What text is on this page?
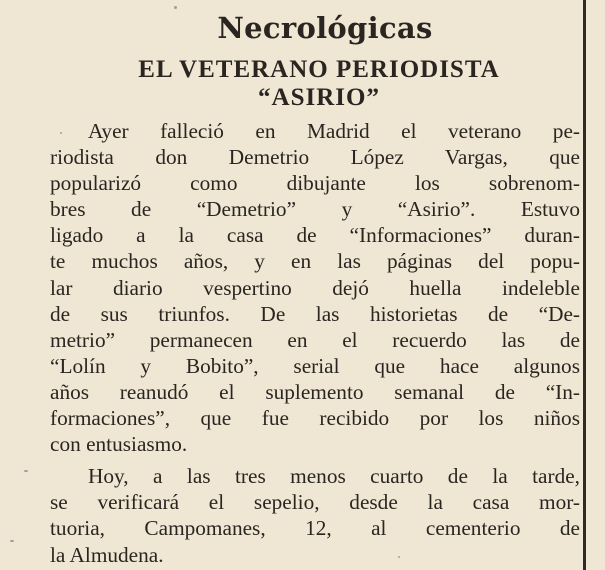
Necrológicas
EL VETERANO PERIODISTA
“ASIRIO”

Ayer falleció en Madrid el veterano pe-
riodista don Demetrio López Vargas, que
popularizó como dibujante los sobrenom-
bres de “Demetrio” y “Asirio”. Estuvo
ligado a la casa de “Informaciones” duran-
te muchos años, y en las páginas del popu-
lar diario vespertino dejó huella indeleble
de sus triunfos. De las historietas de “De-
metrio” permanecen en el recuerdo las de
“Lolín y Bobito”, serial que hace algunos
años reanudó el suplemento semanal de “In-
formaciones”, que fue recibido por los niños
con entusiasmo.

Hoy, a las tres menos cuarto de la tarde,
se verificará el sepelio, desde la casa mor-
tuoria, Campomanes, 12, al cementerio de
la Almudena.
